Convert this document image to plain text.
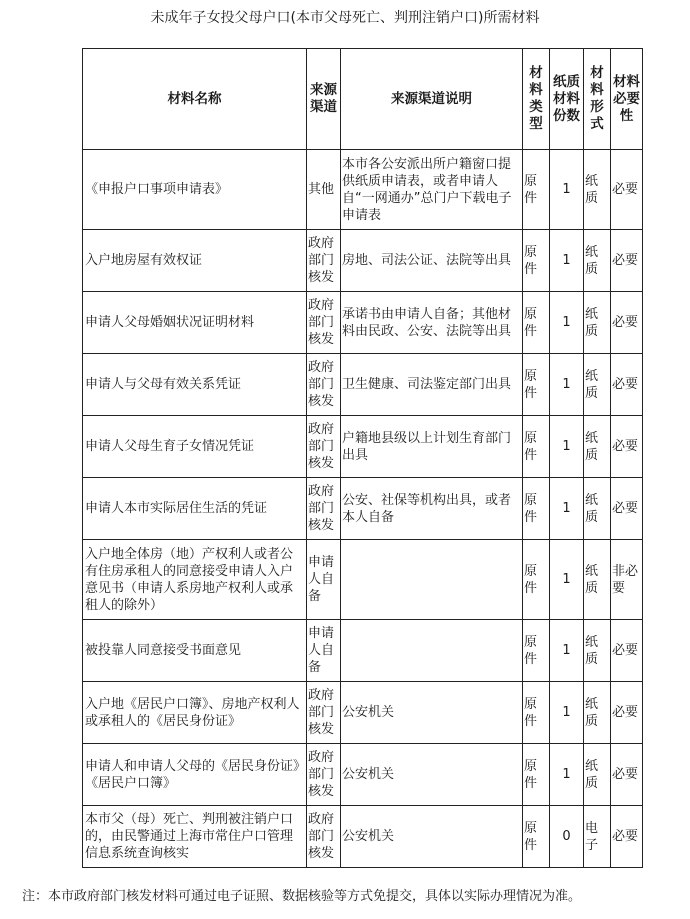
未成年子女投父母户口(本市父母死亡、判刑注销户口)所需材料
材料名称	来源渠道	来源渠道说明	材料类型	纸质材料份数	材料形式	材料必要性
《申报户口事项申请表》	其他	本市各公安派出所户籍窗口提供纸质申请表，或者申请人自“一网通办”总门户下载电子申请表	原件	1	纸质	必要
入户地房屋有效权证	政府部门核发	房地、司法公证、法院等出具	原件	1	纸质	必要
申请人父母婚姻状况证明材料	政府部门核发	承诺书由申请人自备；其他材料由民政、公安、法院等出具	原件	1	纸质	必要
申请人与父母有效关系凭证	政府部门核发	卫生健康、司法鉴定部门出具	原件	1	纸质	必要
申请人父母生育子女情况凭证	政府部门核发	户籍地县级以上计划生育部门出具	原件	1	纸质	必要
申请人本市实际居住生活的凭证	政府部门核发	公安、社保等机构出具，或者本人自备	原件	1	纸质	必要
入户地全体房（地）产权利人或者公有住房承租人的同意接受申请人入户意见书（申请人系房地产权利人或承租人的除外）	申请人自备		原件	1	纸质	非必要
被投靠人同意接受书面意见	申请人自备		原件	1	纸质	必要
入户地《居民户口簿》、房地产权利人或承租人的《居民身份证》	政府部门核发	公安机关	原件	1	纸质	必要
申请人和申请人父母的《居民身份证》《居民户口簿》	政府部门核发	公安机关	原件	1	纸质	必要
本市父（母）死亡、判刑被注销户口的，由民警通过上海市常住户口管理信息系统查询核实	政府部门核发	公安机关	原件	0	电子	必要
注：本市政府部门核发材料可通过电子证照、数据核验等方式免提交，具体以实际办理情况为准。
